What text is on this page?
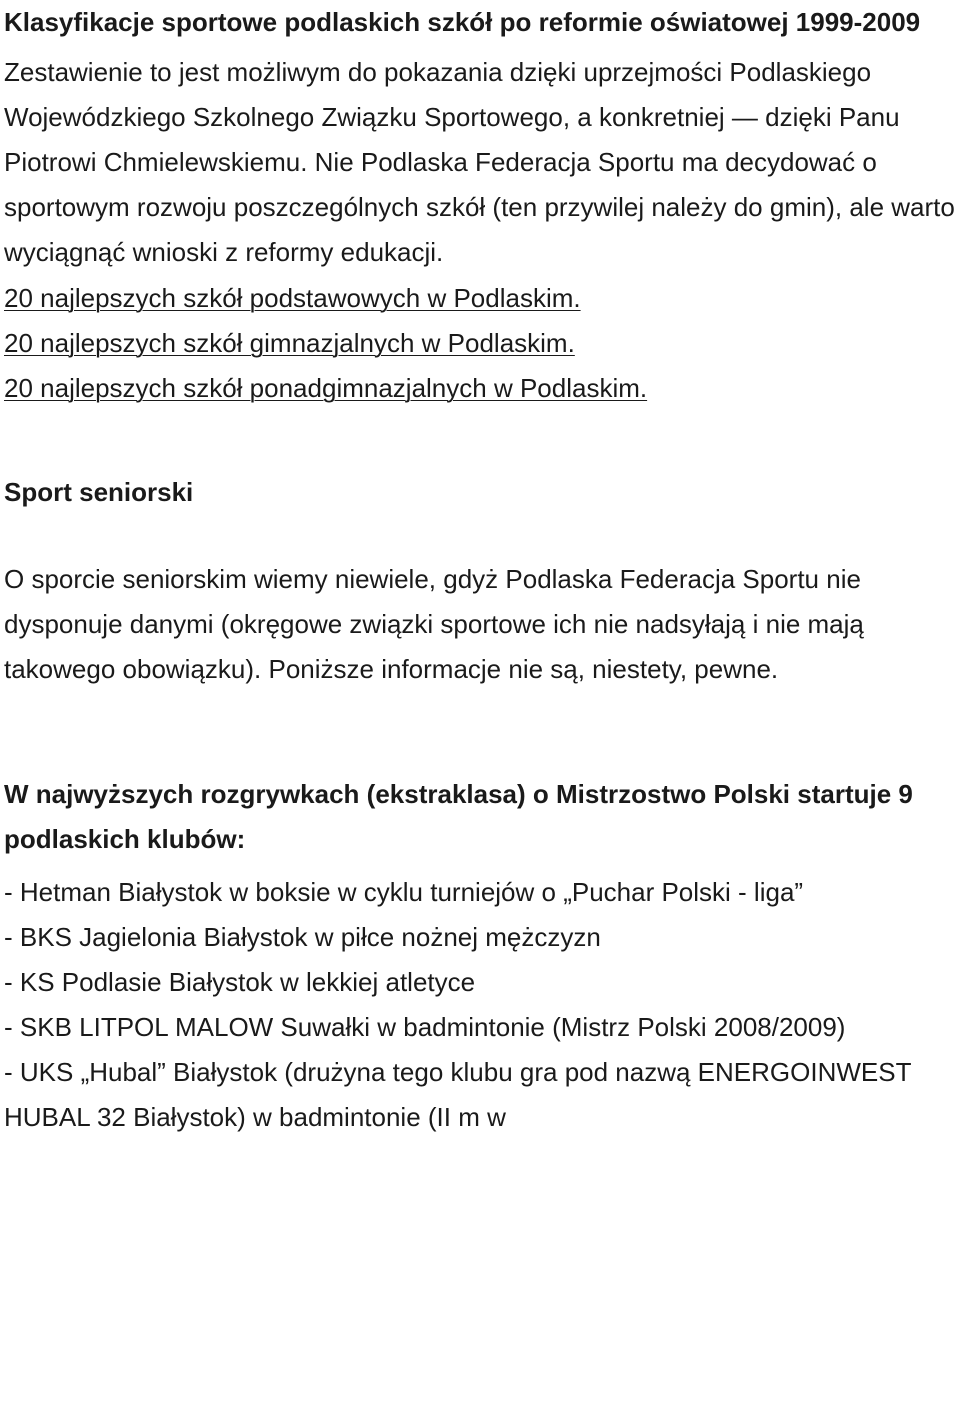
Klasyfikacje sportowe podlaskich szkół po reformie oświatowej 1999-2009

Zestawienie to jest możliwym do pokazania dzięki uprzejmości Podlaskiego Wojewódzkiego Szkolnego Związku Sportowego, a konkretniej — dzięki Panu Piotrowi Chmielewskiemu. Nie Podlaska Federacja Sportu ma decydować o sportowym rozwoju poszczególnych szkół (ten przywilej należy do gmin), ale warto wyciągnąć wnioski z reformy edukacji.

20 najlepszych szkół podstawowych w Podlaskim.
20 najlepszych szkół gimnazjalnych w Podlaskim.
20 najlepszych szkół ponadgimnazjalnych w Podlaskim.
Sport seniorski

O sporcie seniorskim wiemy niewiele, gdyż Podlaska Federacja Sportu nie dysponuje danymi (okręgowe związki sportowe ich nie nadsyłają i nie mają takowego obowiązku). Poniższe informacje nie są, niestety, pewne.

W najwyższych rozgrywkach (ekstraklasa) o Mistrzostwo Polski startuje 9 podlaskich klubów:
- Hetman Białystok w boksie w cyklu turniejów o „Puchar Polski - liga”
- BKS Jagielonia Białystok w piłce nożnej mężczyzn
- KS Podlasie Białystok w lekkiej atletyce
- SKB LITPOL MALOW Suwałki w badmintonie (Mistrz Polski 2008/2009)
- UKS „Hubal” Białystok (drużyna tego klubu gra pod nazwą ENERGOINWEST HUBAL 32 Białystok) w badmintonie (II m w
